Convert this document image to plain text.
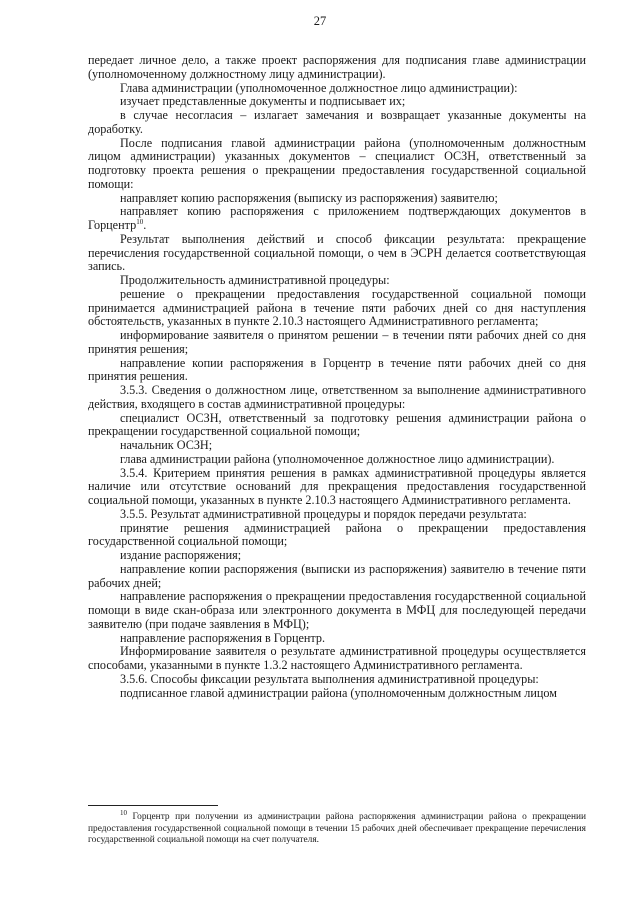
27

передает личное дело, а также проект распоряжения для подписания главе администрации (уполномоченному должностному лицу администрации).

Глава администрации (уполномоченное должностное лицо администрации):

изучает представленные документы и подписывает их;

в случае несогласия – излагает замечания и возвращает указанные документы на доработку.

После подписания главой администрации района (уполномоченным должностным лицом администрации) указанных документов – специалист ОСЗН, ответственный за подготовку проекта решения о прекращении предоставления государственной социальной помощи:

направляет копию распоряжения (выписку из распоряжения) заявителю;

направляет копию распоряжения с приложением подтверждающих документов в Горцентр$^{10}$.

Результат выполнения действий и способ фиксации результата: прекращение перечисления государственной социальной помощи, о чем в ЭСРН делается соответствующая запись.

Продолжительность административной процедуры:

решение о прекращении предоставления государственной социальной помощи принимается администрацией района в течение пяти рабочих дней со дня наступления обстоятельств, указанных в пункте 2.10.3 настоящего Административного регламента;

информирование заявителя о принятом решении – в течении пяти рабочих дней со дня принятия решения;

направление копии распоряжения в Горцентр в течение пяти рабочих дней со дня принятия решения.

3.5.3. Сведения о должностном лице, ответственном за выполнение административного действия, входящего в состав административной процедуры:

специалист ОСЗН, ответственный за подготовку решения администрации района о прекращении государственной социальной помощи;

начальник ОСЗН;

глава администрации района (уполномоченное должностное лицо администрации).

3.5.4. Критерием принятия решения в рамках административной процедуры является наличие или отсутствие оснований для прекращения предоставления государственной социальной помощи, указанных в пункте 2.10.3 настоящего Административного регламента.

3.5.5. Результат административной процедуры и порядок передачи результата:

принятие решения администрацией района о прекращении предоставления государственной социальной помощи;

издание распоряжения;

направление копии распоряжения (выписки из распоряжения) заявителю в течение пяти рабочих дней;

направление распоряжения о прекращении предоставления государственной социальной помощи в виде скан-образа или электронного документа в МФЦ для последующей передачи заявителю (при подаче заявления в МФЦ);

направление распоряжения в Горцентр.

Информирование заявителя о результате административной процедуры осуществляется способами, указанными в пункте 1.3.2 настоящего Административного регламента.

3.5.6. Способы фиксации результата выполнения административной процедуры:

подписанное главой администрации района (уполномоченным должностным лицом

$^{10}$ Горцентр при получении из администрации района распоряжения администрации района о прекращении предоставления государственной социальной помощи в течении 15 рабочих дней обеспечивает прекращение перечисления государственной социальной помощи на счет получателя.
